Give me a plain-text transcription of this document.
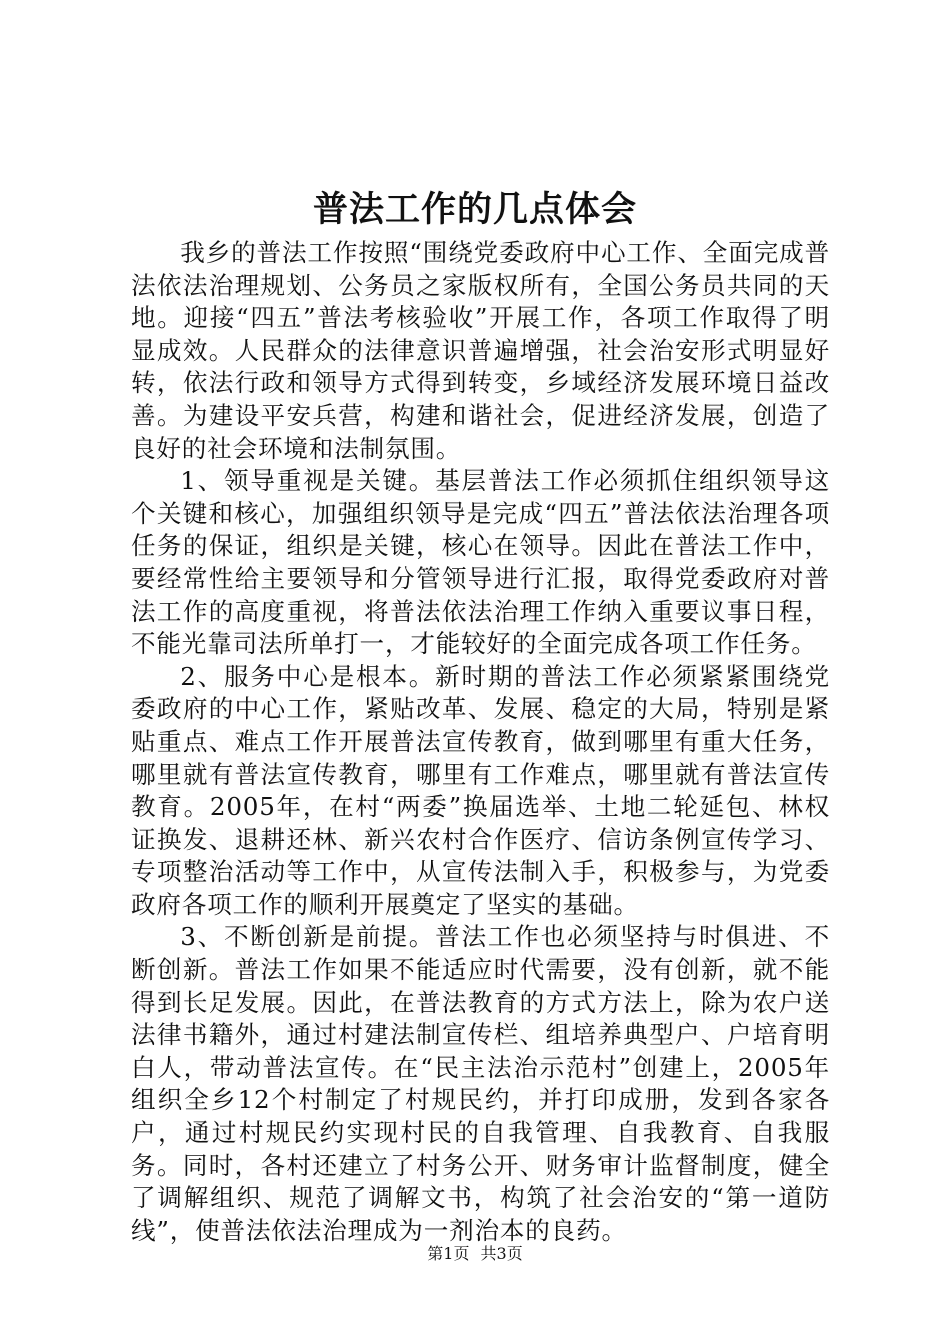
普法工作的几点体会

我乡的普法工作按照“围绕党委政府中心工作、全面完成普法依法治理规划、公务员之家版权所有，全国公务员共同的天地。迎接“四五”普法考核验收”开展工作，各项工作取得了明显成效。人民群众的法律意识普遍增强，社会治安形式明显好转，依法行政和领导方式得到转变，乡域经济发展环境日益改善。为建设平安兵营，构建和谐社会，促进经济发展，创造了良好的社会环境和法制氛围。

1、领导重视是关键。基层普法工作必须抓住组织领导这个关键和核心，加强组织领导是完成“四五”普法依法治理各项任务的保证，组织是关键，核心在领导。因此在普法工作中，要经常性给主要领导和分管领导进行汇报，取得党委政府对普法工作的高度重视，将普法依法治理工作纳入重要议事日程，不能光靠司法所单打一，才能较好的全面完成各项工作任务。

2、服务中心是根本。新时期的普法工作必须紧紧围绕党委政府的中心工作，紧贴改革、发展、稳定的大局，特别是紧贴重点、难点工作开展普法宣传教育，做到哪里有重大任务，哪里就有普法宣传教育，哪里有工作难点，哪里就有普法宣传教育。2005年，在村“两委”换届选举、土地二轮延包、林权证换发、退耕还林、新兴农村合作医疗、信访条例宣传学习、专项整治活动等工作中，从宣传法制入手，积极参与，为党委政府各项工作的顺利开展奠定了坚实的基础。

3、不断创新是前提。普法工作也必须坚持与时俱进、不断创新。普法工作如果不能适应时代需要，没有创新，就不能得到长足发展。因此，在普法教育的方式方法上，除为农户送法律书籍外，通过村建法制宣传栏、组培养典型户、户培育明白人，带动普法宣传。在“民主法治示范村”创建上，2005年组织全乡12个村制定了村规民约，并打印成册，发到各家各户，通过村规民约实现村民的自我管理、自我教育、自我服务。同时，各村还建立了村务公开、财务审计监督制度，健全了调解组织、规范了调解文书，构筑了社会治安的“第一道防线”，使普法依法治理成为一剂治本的良药。

第1页 共3页
